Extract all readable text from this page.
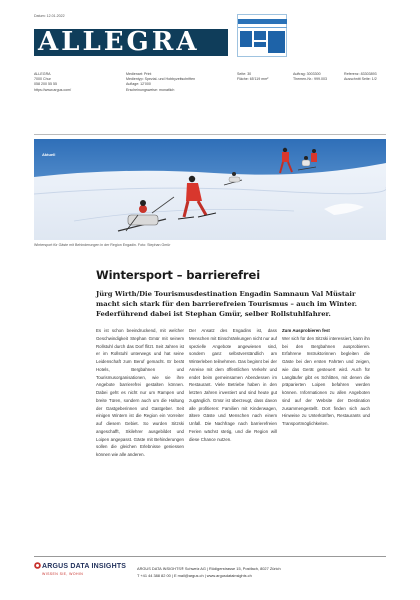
Datum: 12.01.2022
ALLEGRA
ALLEGRA
7000 Chur
058 200 55 55
https://www.argus.com/
Medienart: Print
Medientyp: Spezial- und Hobbyzeitschriften
Auflage: 12'000
Erscheinungsweise: monatlich
Seite: 30
Fläche: 65'119 mm²
Auftrag: 3003300
Themen-Nr.: 999.003
Referenz: 83303893
Ausschnitt Seite: 1/2
Aktuell
Wintersport für Gäste mit Behinderungen in der Region Engadin. Foto: Stephan Gmür
Wintersport – barrierefrei
Jürg Wirth/Die Tourismusdestination Engadin Samnaun Val Müstair macht sich stark für den barrierefreien Tourismus – auch im Winter. Federführend dabei ist Stephan Gmür, selber Rollstuhlfahrer.

Es ist schon beeindruckend, mit welcher Geschwindigkeit Stephan Gmür mit seinem Rollstuhl durch das Dorf flitzt. Seit Jahren ist er im Rollstuhl unterwegs und hat seine Leidenschaft zum Beruf gemacht. Er berät Hotels, Bergbahnen und Tourismusorganisationen, wie sie ihre Angebote barrierefrei gestalten können. Dabei geht es nicht nur um Rampen und breite Türen, sondern auch um die Haltung der Gastgeberinnen und Gastgeber. Seit einigen Wintern ist die Region ein Vorreiter auf diesem Gebiet. So wurden Sitzski angeschafft, Skilehrer ausgebildet und Loipen angepasst. Gäste mit Behinderungen sollen die gleichen Erlebnisse geniessen können wie alle anderen.

Der Ansatz des Engadins ist, dass Menschen mit Einschränkungen nicht nur auf spezielle Angebote angewiesen sind, sondern ganz selbstverständlich am Winterleben teilnehmen. Das beginnt bei der Anreise mit dem öffentlichen Verkehr und endet beim gemeinsamen Abendessen im Restaurant. Viele Betriebe haben in den letzten Jahren investiert und sind heute gut zugänglich. Gmür ist überzeugt, dass davon alle profitieren: Familien mit Kinderwagen, ältere Gäste und Menschen nach einem Unfall. Die Nachfrage nach barrierefreien Ferien wächst stetig, und die Region will diese Chance nutzen.

Zum Ausprobieren fest

Wer sich für den Sitzski interessiert, kann ihn bei den Bergbahnen ausprobieren. Erfahrene Instruktorinnen begleiten die Gäste bei den ersten Fahrten und zeigen, wie das Gerät gesteuert wird. Auch für Langläufer gibt es Schlitten, mit denen die präparierten Loipen befahren werden können. Informationen zu allen Angeboten sind auf der Website der Destination zusammengestellt. Dort finden sich auch Hinweise zu Unterkünften, Restaurants und Transportmöglichkeiten.

ARGUS DATA INSIGHTS
WISSEN SIE, WOHIN
ARGUS DATA INSIGHTS® Schweiz AG | Rüdigerstrasse 15, Postfach, 8027 Zürich
T +41 44 388 82 00 | E mail@argus.ch | www.argusdatainsights.ch
